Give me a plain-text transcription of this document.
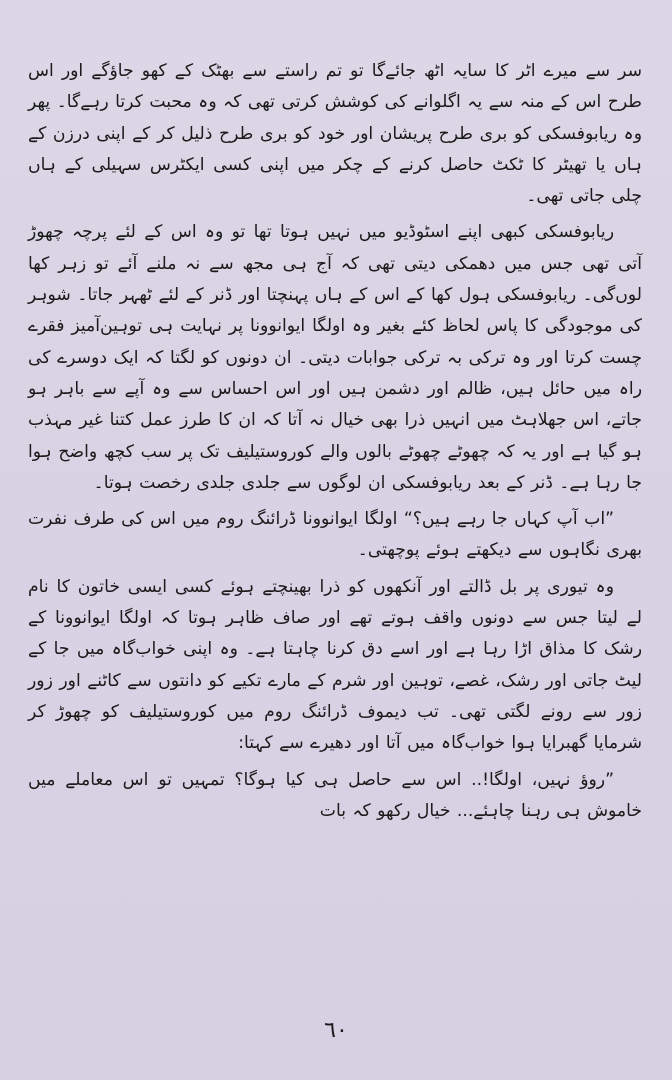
سر سے میرے اٹر کا سایہ اٹھ جائےگا تو تم راستے سے بھٹک کے کھو جاؤگے اور اس طرح اس کے منہ سے یہ اگلوانے کی کوشش کرتی تھی کہ وہ محبت کرتا رہےگا۔ پھر وہ ریابوفسکی کو بری طرح پریشان اور خود کو بری طرح ذلیل کر کے اپنی درزن کے ہاں یا تھیٹر کا ٹکٹ حاصل کرنے کے چکر میں اپنی کسی ایکٹرس سہیلی کے ہاں چلی جاتی تھی۔

ریابوفسکی کبھی اپنے اسٹوڈیو میں نہیں ہوتا تھا تو وہ اس کے لئے پرچہ چھوڑ آتی تھی جس میں دھمکی دیتی تھی کہ آج ہی مجھ سے نہ ملنے آئے تو زہر کھا لوں‌گی۔ ریابوفسکی ہول کھا کے اس کے ہاں پہنچتا اور ڈنر کے لئے ٹھہر جاتا۔ شوہر کی موجودگی کا پاس لحاظ کئے بغیر وہ اولگا ایوانوونا پر نہایت ہی توہین‌آمیز فقرے چست کرتا اور وہ ترکی بہ ترکی جوابات دیتی۔ ان دونوں کو لگتا کہ ایک دوسرے کی راہ میں حائل ہیں، ظالم اور دشمن ہیں اور اس احساس سے وہ آپے سے باہر ہو جاتے، اس جھلاہٹ میں انہیں ذرا بھی خیال نہ آتا کہ ان کا طرز عمل کتنا غیر مہذب ہو گیا ہے اور یہ کہ چھوٹے چھوٹے بالوں والے کوروستیلیف تک پر سب کچھ واضح ہوا جا رہا ہے۔ ڈنر کے بعد ریابوفسکی ان لوگوں سے جلدی جلدی رخصت ہوتا۔

”اب آپ کہاں جا رہے ہیں؟“ اولگا ایوانوونا ڈرائنگ روم میں اس کی طرف نفرت بھری نگاہوں سے دیکھتے ہوئے پوچھتی۔

وہ تیوری پر بل ڈالتے اور آنکھوں کو ذرا بھینچتے ہوئے کسی ایسی خاتون کا نام لے لیتا جس سے دونوں واقف ہوتے تھے اور صاف ظاہر ہوتا کہ اولگا ایوانوونا کے رشک کا مذاق اڑا رہا ہے اور اسے دق کرنا چاہتا ہے۔ وہ اپنی خواب‌گاہ میں جا کے لیٹ جاتی اور رشک، غصے، توہین اور شرم کے مارے تکیے کو دانتوں سے کاٹنے اور زور زور سے رونے لگتی تھی۔ تب دیموف ڈرائنگ روم میں کوروستیلیف کو چھوڑ کر شرمایا گھبرایا ہوا خواب‌گاہ میں آتا اور دھیرے سے کہتا:

”روؤ نہیں، اولگا!.. اس سے حاصل ہی کیا ہوگا؟ تمہیں تو اس معاملے میں خاموش ہی رہنا چاہئے... خیال رکھو کہ بات

٦٠
